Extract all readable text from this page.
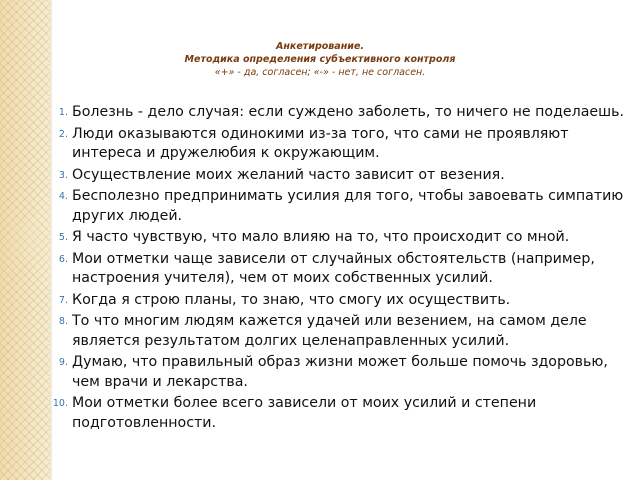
Анкетирование.
Методика определения субъективного контроля
«+» - да, согласен; «-» - нет, не согласен.
1. Болезнь - дело случая: если суждено заболеть, то ничего не поделаешь.
2. Люди оказываются одинокими из-за того, что сами не проявляют интереса и дружелюбия к окружающим.
3. Осуществление моих желаний часто зависит от везения.
4. Бесполезно предпринимать усилия для того, чтобы завоевать симпатию других людей.
5. Я часто чувствую, что мало влияю на то, что происходит со мной.
6. Мои отметки чаще зависели от случайных обстоятельств (например, настроения учителя), чем от моих собственных усилий.
7. Когда я строю планы, то знаю, что смогу их осуществить.
8. То что многим людям кажется удачей или везением, на самом деле является результатом долгих целенаправленных усилий.
9. Думаю, что правильный образ жизни может больше помочь здоровью, чем врачи и лекарства.
10. Мои отметки более всего зависели от моих усилий и степени подготовленности.
